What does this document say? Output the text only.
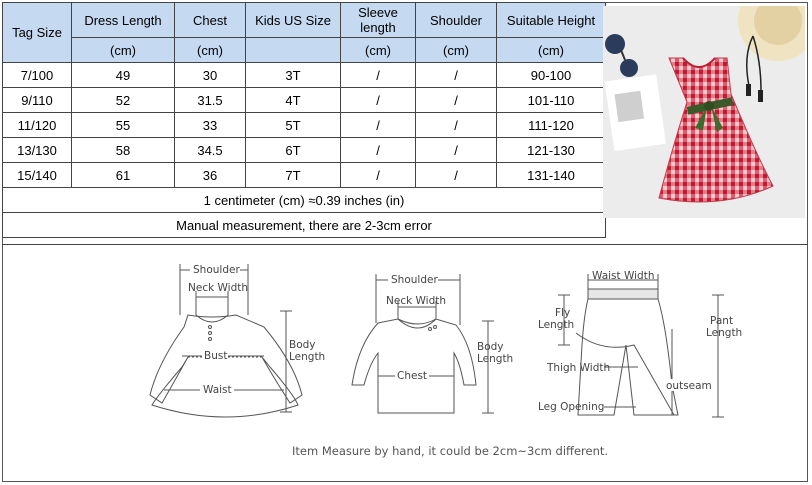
Tag Size	Dress Length	Chest	Kids US Size	Sleeve length	Shoulder	Suitable Height
	(cm)	(cm)		(cm)	(cm)	(cm)
7/100	49	30	3T	/	/	90-100
9/110	52	31.5	4T	/	/	101-110
11/120	55	33	5T	/	/	111-120
13/130	58	34.5	6T	/	/	121-130
15/140	61	36	7T	/	/	131-140
1 centimeter (cm) ≈0.39 inches (in)						
Manual measurement, there are 2-3cm error						
Shoulder
Neck Width
Bust
Waist
Body
Length
Shoulder
Neck Width
Chest
Body
Length
Waist Width
Fly
Length	Pant
Length
Thigh Width
outseam
Leg Opening
Item Measure by hand, it could be 2cm~3cm different.
